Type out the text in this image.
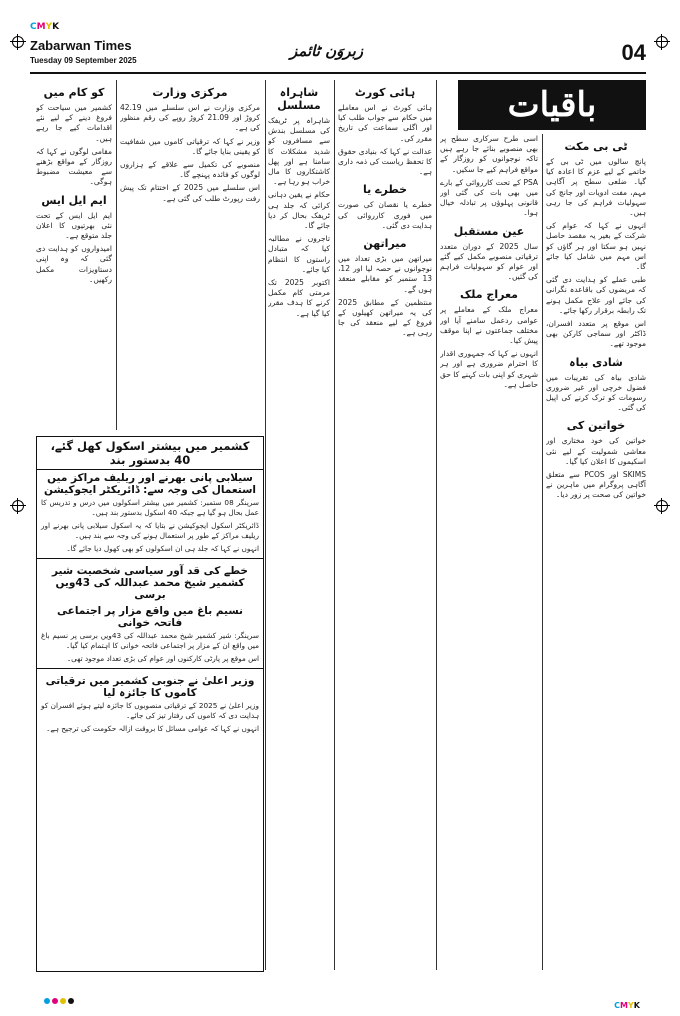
CMYK
Zabarwan Times
Tuesday 09 September 2025
زبروَن ٹائمز	04
باقیات
ٹی بی مکت

پانچ سالوں میں ٹی بی کے خاتمے کے لیے عزم کا اعادہ کیا گیا۔ ضلعی سطح پر آگاہی مہم، مفت ادویات اور جانچ کی سہولیات فراہم کی جا رہی ہیں۔

انہوں نے کہا کہ عوام کی شرکت کے بغیر یہ مقصد حاصل نہیں ہو سکتا اور ہر گاؤں کو اس مہم میں شامل کیا جائے گا۔

طبی عملے کو ہدایت دی گئی کہ مریضوں کی باقاعدہ نگرانی کی جائے اور علاج مکمل ہونے تک رابطہ برقرار رکھا جائے۔

اس موقع پر متعدد افسران، ڈاکٹر اور سماجی کارکن بھی موجود تھے۔

شادی بیاہ

شادی بیاہ کی تقریبات میں فضول خرچی اور غیر ضروری رسومات کو ترک کرنے کی اپیل کی گئی۔

خواتین کی

خواتین کی خود مختاری اور معاشی شمولیت کے لیے نئی اسکیموں کا اعلان کیا گیا۔

SKIMS اور PCOS سے متعلق آگاہی پروگرام میں ماہرین نے خواتین کی صحت پر زور دیا۔

اسی طرح سرکاری سطح پر بھی منصوبے بنائے جا رہے ہیں تاکہ نوجوانوں کو روزگار کے مواقع فراہم کیے جا سکیں۔

PSA کے تحت کارروائی کے بارے میں بھی بات کی گئی اور قانونی پہلوؤں پر تبادلہ خیال ہوا۔

عین مستقبل

سال 2025 کے دوران متعدد ترقیاتی منصوبے مکمل کیے گئے اور عوام کو سہولیات فراہم کی گئیں۔

معراج ملک

معراج ملک کے معاملے پر عوامی ردعمل سامنے آیا اور مختلف جماعتوں نے اپنا موقف پیش کیا۔

انہوں نے کہا کہ جمہوری اقدار کا احترام ضروری ہے اور ہر شہری کو اپنی بات کہنے کا حق حاصل ہے۔

ہائی کورٹ

ہائی کورٹ نے اس معاملے میں حکام سے جواب طلب کیا اور اگلی سماعت کی تاریخ مقرر کی۔

عدالت نے کہا کہ بنیادی حقوق کا تحفظ ریاست کی ذمہ داری ہے۔

خطرے یا

خطرے یا نقصان کی صورت میں فوری کارروائی کی ہدایت دی گئی۔

میراتھن

میراتھن میں بڑی تعداد میں نوجوانوں نے حصہ لیا اور 12، 13 ستمبر کو مقابلے منعقد ہوں گے۔

منتظمین کے مطابق 2025 کی یہ میراتھن کھیلوں کے فروغ کے لیے منعقد کی جا رہی ہے۔

شاہراہ مسلسل

شاہراہ پر ٹریفک کی مسلسل بندش سے مسافروں کو شدید مشکلات کا سامنا ہے اور پھل کاشتکاروں کا مال خراب ہو رہا ہے۔

حکام نے یقین دہانی کرائی کہ جلد ہی ٹریفک بحال کر دیا جائے گا۔

تاجروں نے مطالبہ کیا کہ متبادل راستوں کا انتظام کیا جائے۔

اکتوبر 2025 تک مرمتی کام مکمل کرنے کا ہدف مقرر کیا گیا ہے۔

مرکزی وزارت

مرکزی وزارت نے اس سلسلے میں 42.19 کروڑ اور 21.09 کروڑ روپے کی رقم منظور کی ہے۔

وزیر نے کہا کہ ترقیاتی کاموں میں شفافیت کو یقینی بنایا جائے گا۔

منصوبے کی تکمیل سے علاقے کے ہزاروں لوگوں کو فائدہ پہنچے گا۔

اس سلسلے میں 2025 کے اختتام تک پیش رفت رپورٹ طلب کی گئی ہے۔

کو کام میں

کشمیر میں سیاحت کو فروغ دینے کے لیے نئے اقدامات کیے جا رہے ہیں۔

مقامی لوگوں نے کہا کہ روزگار کے مواقع بڑھنے سے معیشت مضبوط ہوگی۔

ایم ایل ایس

ایم ایل ایس کے تحت نئی بھرتیوں کا اعلان جلد متوقع ہے۔

امیدواروں کو ہدایت دی گئی کہ وہ اپنی دستاویزات مکمل رکھیں۔

کشمیر میں بیشتر اسکول کھل گئے، 40 بدستور بند
سیلابی پانی بھرنے اور ریلیف مراکز میں استعمال کی وجہ سے: ڈائریکٹر ایجوکیشن

سرینگر 08 ستمبر: کشمیر میں بیشتر اسکولوں میں درس و تدریس کا عمل بحال ہو گیا ہے جبکہ 40 اسکول بدستور بند ہیں۔

ڈائریکٹر اسکول ایجوکیشن نے بتایا کہ یہ اسکول سیلابی پانی بھرنے اور ریلیف مراکز کے طور پر استعمال ہونے کی وجہ سے بند ہیں۔

انہوں نے کہا کہ جلد ہی ان اسکولوں کو بھی کھول دیا جائے گا۔

خطے کی قد آور سیاسی شخصیت شیر کشمیر شیخ محمد عبداللہ کی 43ویں برسی
نسیم باغ میں واقع مزار پر اجتماعی فاتحہ خوانی

سرینگر: شیر کشمیر شیخ محمد عبداللہ کی 43ویں برسی پر نسیم باغ میں واقع ان کے مزار پر اجتماعی فاتحہ خوانی کا اہتمام کیا گیا۔

اس موقع پر پارٹی کارکنوں اور عوام کی بڑی تعداد موجود تھی۔

وزیر اعلیٰ نے جنوبی کشمیر میں ترقیاتی کاموں کا جائزہ لیا

وزیر اعلیٰ نے 2025 کے ترقیاتی منصوبوں کا جائزہ لیتے ہوئے افسران کو ہدایت دی کہ کاموں کی رفتار تیز کی جائے۔

انہوں نے کہا کہ عوامی مسائل کا بروقت ازالہ حکومت کی ترجیح ہے۔

CMYK
